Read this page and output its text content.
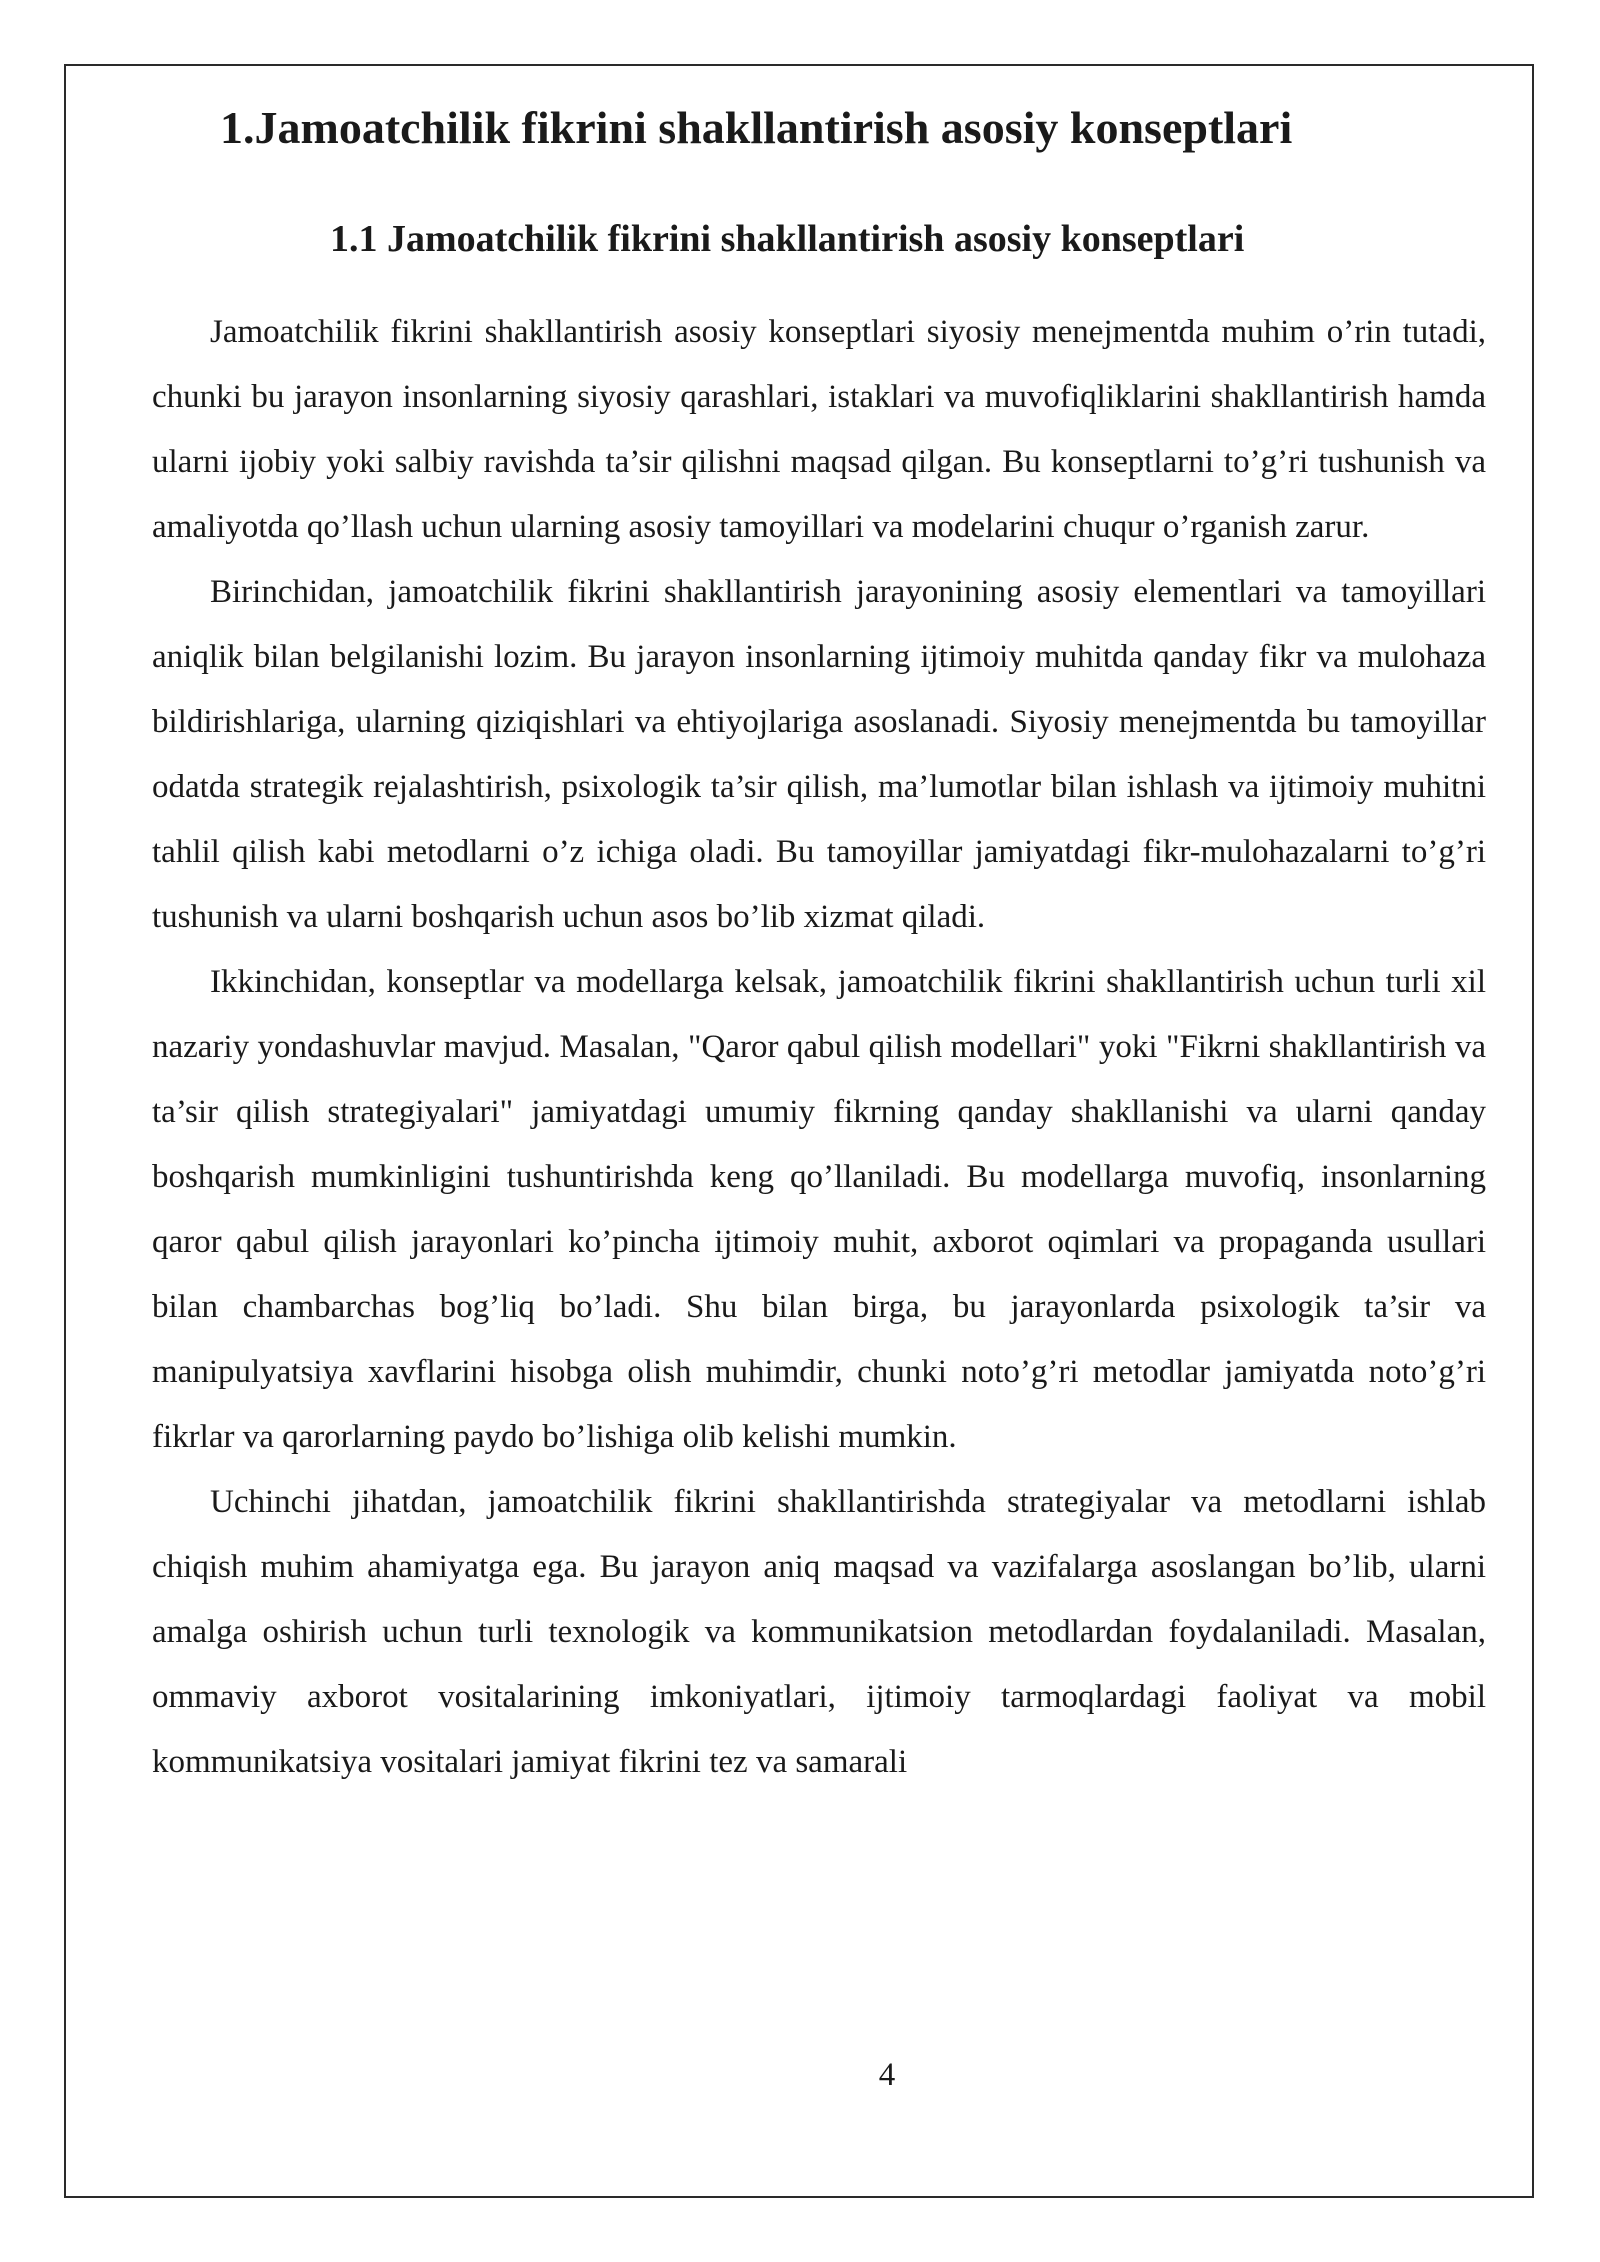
1.Jamoatchilik fikrini shakllantirish asosiy konseptlari
1.1 Jamoatchilik fikrini shakllantirish asosiy konseptlari

Jamoatchilik fikrini shakllantirish asosiy konseptlari siyosiy menejmentda muhim o’rin tutadi, chunki bu jarayon insonlarning siyosiy qarashlari, istaklari va muvofiqliklarini shakllantirish hamda ularni ijobiy yoki salbiy ravishda ta’sir qilishni maqsad qilgan. Bu konseptlarni to’g’ri tushunish va amaliyotda qo’llash uchun ularning asosiy tamoyillari va modelarini chuqur o’rganish zarur.

Birinchidan, jamoatchilik fikrini shakllantirish jarayonining asosiy elementlari va tamoyillari aniqlik bilan belgilanishi lozim. Bu jarayon insonlarning ijtimoiy muhitda qanday fikr va mulohaza bildirishlariga, ularning qiziqishlari va ehtiyojlariga asoslanadi. Siyosiy menejmentda bu tamoyillar odatda strategik rejalashtirish, psixologik ta’sir qilish, ma’lumotlar bilan ishlash va ijtimoiy muhitni tahlil qilish kabi metodlarni o’z ichiga oladi. Bu tamoyillar jamiyatdagi fikr-mulohazalarni to’g’ri tushunish va ularni boshqarish uchun asos bo’lib xizmat qiladi.

Ikkinchidan, konseptlar va modellarga kelsak, jamoatchilik fikrini shakllantirish uchun turli xil nazariy yondashuvlar mavjud. Masalan, "Qaror qabul qilish modellari" yoki "Fikrni shakllantirish va ta’sir qilish strategiyalari" jamiyatdagi umumiy fikrning qanday shakllanishi va ularni qanday boshqarish mumkinligini tushuntirishda keng qo’llaniladi. Bu modellarga muvofiq, insonlarning qaror qabul qilish jarayonlari ko’pincha ijtimoiy muhit, axborot oqimlari va propaganda usullari bilan chambarchas bog’liq bo’ladi. Shu bilan birga, bu jarayonlarda psixologik ta’sir va manipulyatsiya xavflarini hisobga olish muhimdir, chunki noto’g’ri metodlar jamiyatda noto’g’ri fikrlar va qarorlarning paydo bo’lishiga olib kelishi mumkin.

Uchinchi jihatdan, jamoatchilik fikrini shakllantirishda strategiyalar va metodlarni ishlab chiqish muhim ahamiyatga ega. Bu jarayon aniq maqsad va vazifalarga asoslangan bo’lib, ularni amalga oshirish uchun turli texnologik va kommunikatsion metodlardan foydalaniladi. Masalan, ommaviy axborot vositalarining imkoniyatlari, ijtimoiy tarmoqlardagi faoliyat va mobil kommunikatsiya vositalari jamiyat fikrini tez va samarali

4
